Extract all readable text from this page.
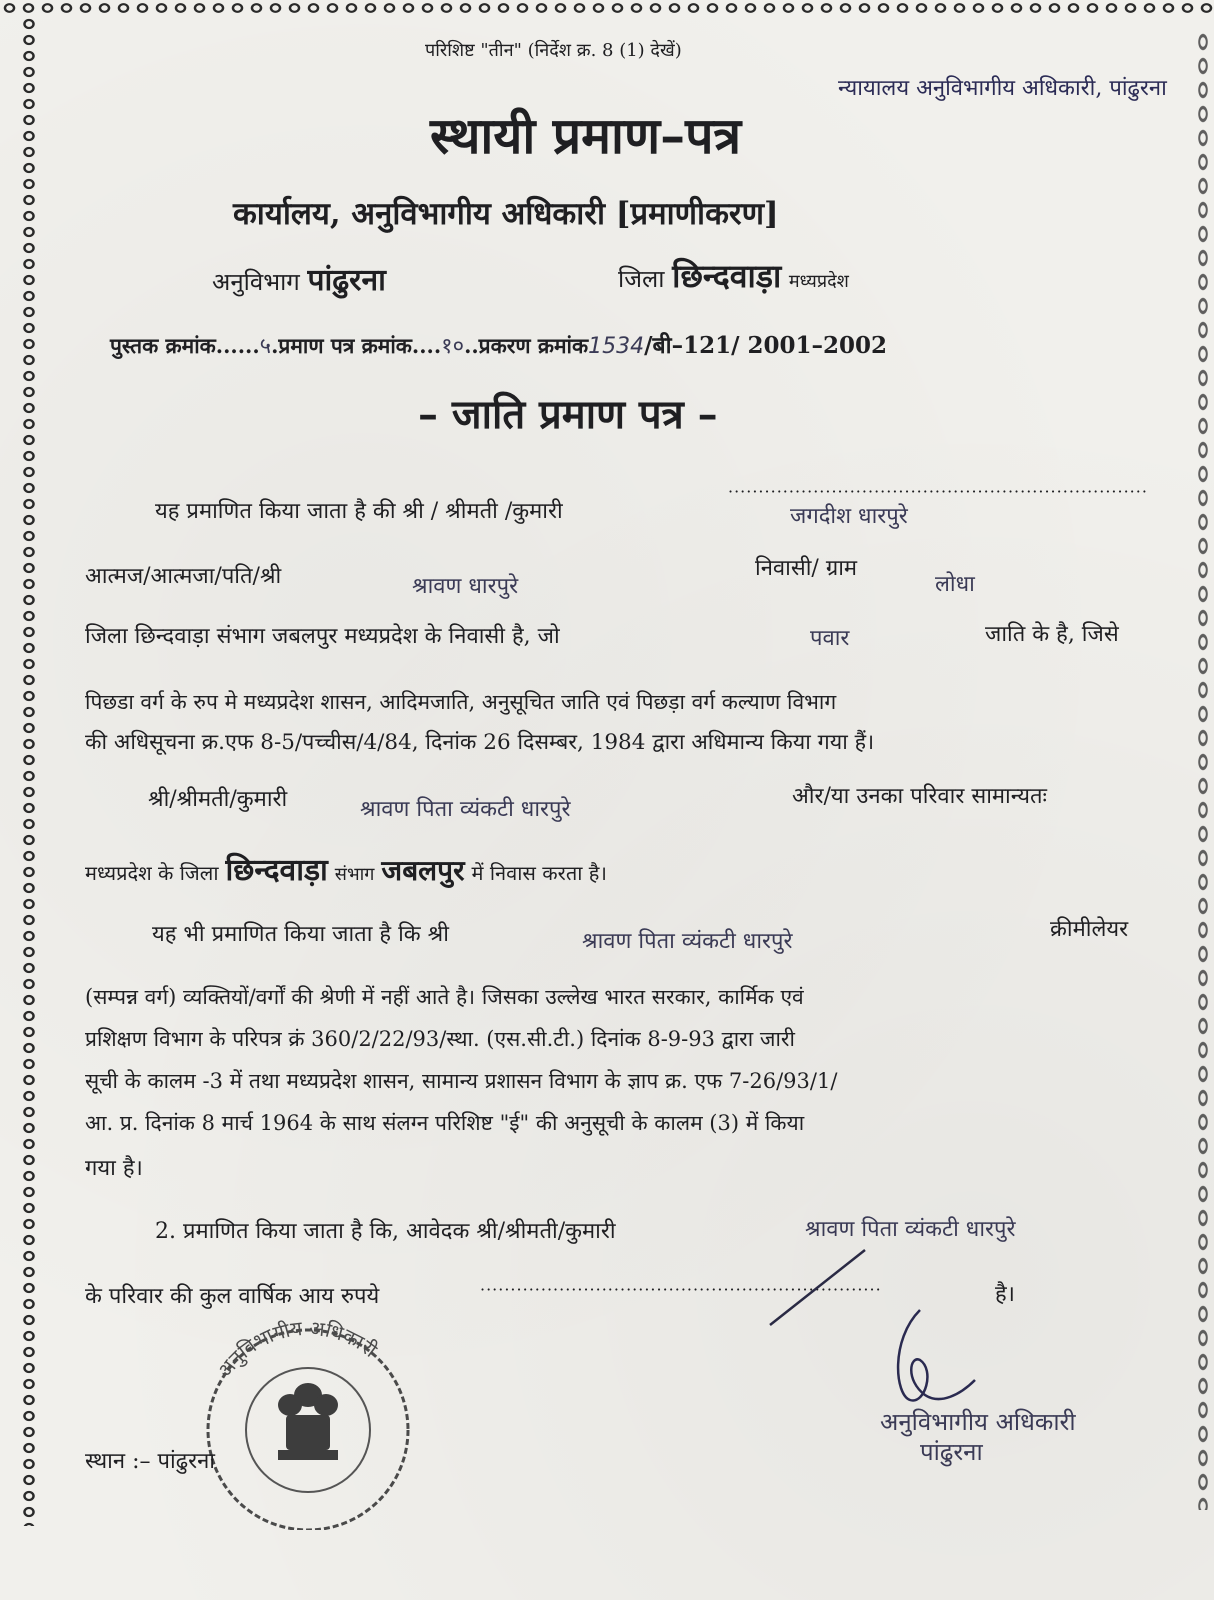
परिशिष्ट "तीन" (निर्देश क्र. 8 (1) देखें)
न्यायालय अनुविभागीय अधिकारी, पांढुरना
स्थायी प्रमाण–पत्र
कार्यालय, अनुविभागीय अधिकारी [प्रमाणीकरण]
अनुविभाग पांढुरना	जिला छिन्दवाड़ा मध्यप्रदेश
पुस्तक क्रमांक......५.प्रमाण पत्र क्रमांक....१०..प्रकरण क्रमांक1534/बी–121/ 2001–2002
– जाति प्रमाण पत्र –
यह प्रमाणित किया जाता है की श्री / श्रीमती /कुमारी
·····································································
जगदीश धारपुरे
आत्मज/आत्मजा/पति/श्री	श्रावण धारपुरे
निवासी/ ग्राम
लोधा
जिला छिन्दवाड़ा संभाग जबलपुर मध्यप्रदेश के निवासी है, जो	पवार	जाति के है, जिसे
पिछडा वर्ग के रुप मे मध्यप्रदेश शासन, आदिमजाति, अनुसूचित जाति एवं पिछड़ा वर्ग कल्याण विभाग
की अधिसूचना क्र.एफ 8-5/पच्चीस/4/84, दिनांक 26 दिसम्बर, 1984 द्वारा अधिमान्य किया गया हैं।
श्री/श्रीमती/कुमारी	श्रावण पिता व्यंकटी धारपुरे
और/या उनका परिवार सामान्यतः
मध्यप्रदेश के जिला छिन्दवाड़ा संभाग जबलपुर में निवास करता है।
यह भी प्रमाणित किया जाता है कि श्री	श्रावण पिता व्यंकटी धारपुरे	क्रीमीलेयर
(सम्पन्न वर्ग) व्यक्तियों/वर्गों की श्रेणी में नहीं आते है। जिसका उल्लेख भारत सरकार, कार्मिक एवं
प्रशिक्षण विभाग के परिपत्र क्रं 360/2/22/93/स्था. (एस.सी.टी.) दिनांक 8-9-93 द्वारा जारी
सूची के कालम -3 में तथा मध्यप्रदेश शासन, सामान्य प्रशासन विभाग के ज्ञाप क्र. एफ 7-26/93/1/
आ. प्र. दिनांक 8 मार्च 1964 के साथ संलग्न परिशिष्ट "ई" की अनुसूची के कालम (3) में किया
गया है।
2. प्रमाणित किया जाता है कि, आवेदक श्री/श्रीमती/कुमारी	श्रावण पिता व्यंकटी धारपुरे
के परिवार की कुल वार्षिक आय रुपये	··································································	है।
अनुविभागीय अधिकारी
स्थान :– पांढुरना
अनुविभागीय अधिकारी
पांढुरना
